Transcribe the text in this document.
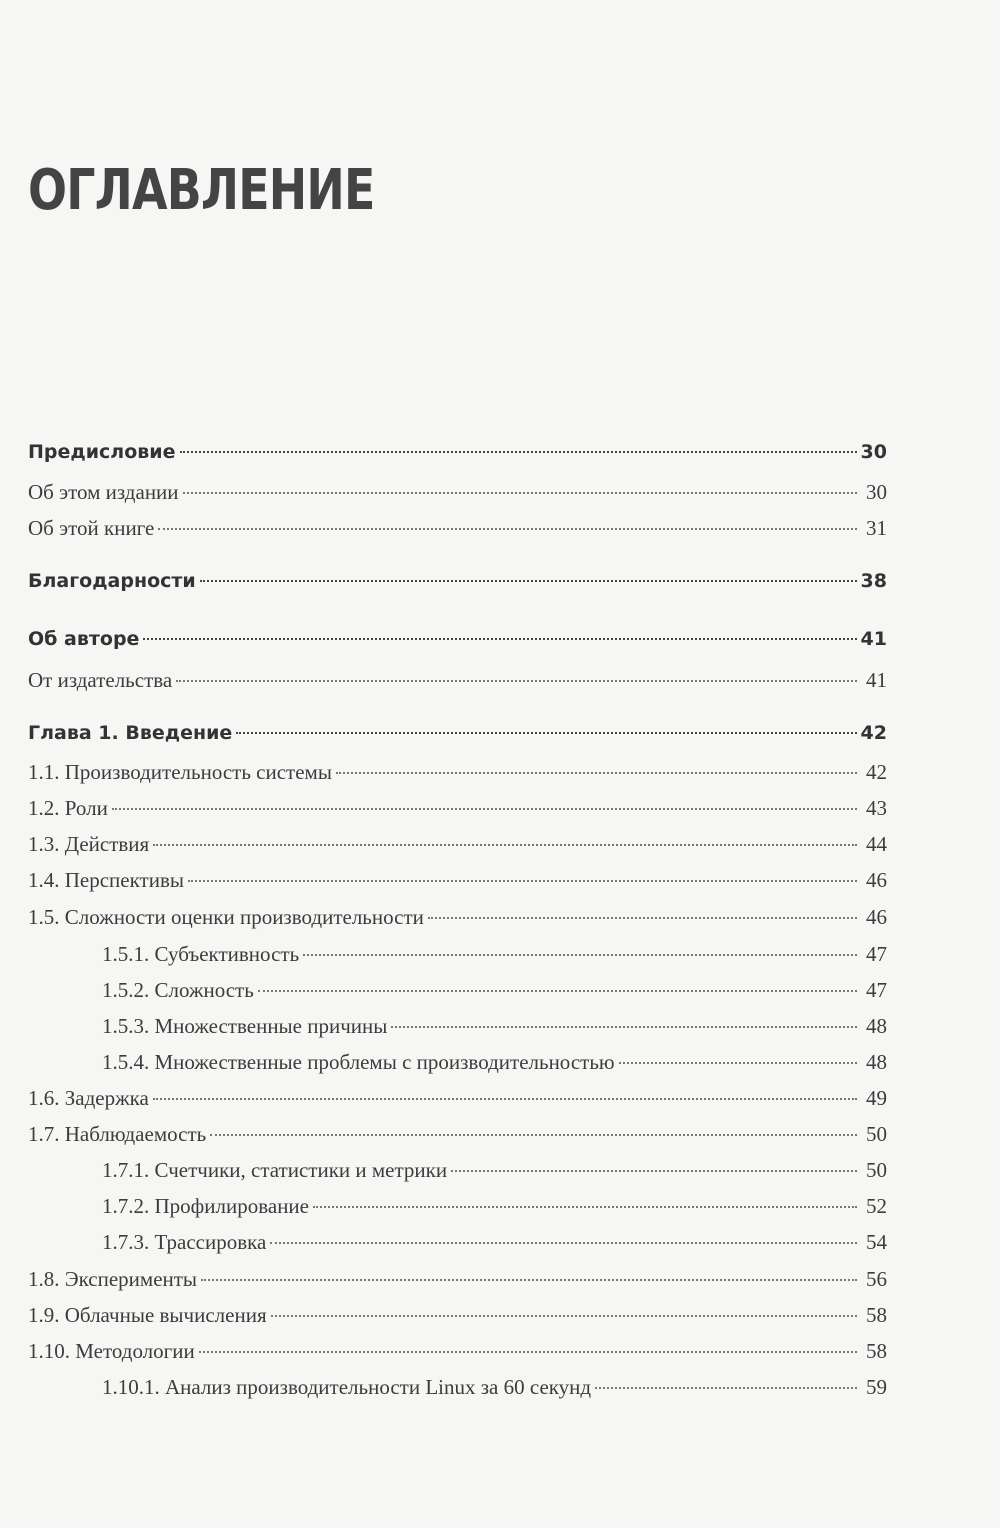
ОГЛАВЛЕНИЕ
Предисловие	30
Об этом издании	30
Об этой книге	31
Благодарности	38
Об авторе	41
От издательства	41
Глава 1. Введение	42
1.1. Производительность системы	42
1.2. Роли	43
1.3. Действия	44
1.4. Перспективы	46
1.5. Сложности оценки производительности	46
1.5.1. Субъективность	47
1.5.2. Сложность	47
1.5.3. Множественные причины	48
1.5.4. Множественные проблемы с производительностью	48
1.6. Задержка	49
1.7. Наблюдаемость	50
1.7.1. Счетчики, статистики и метрики	50
1.7.2. Профилирование	52
1.7.3. Трассировка	54
1.8. Эксперименты	56
1.9. Облачные вычисления	58
1.10. Методологии	58
1.10.1. Анализ производительности Linux за 60 секунд	59
